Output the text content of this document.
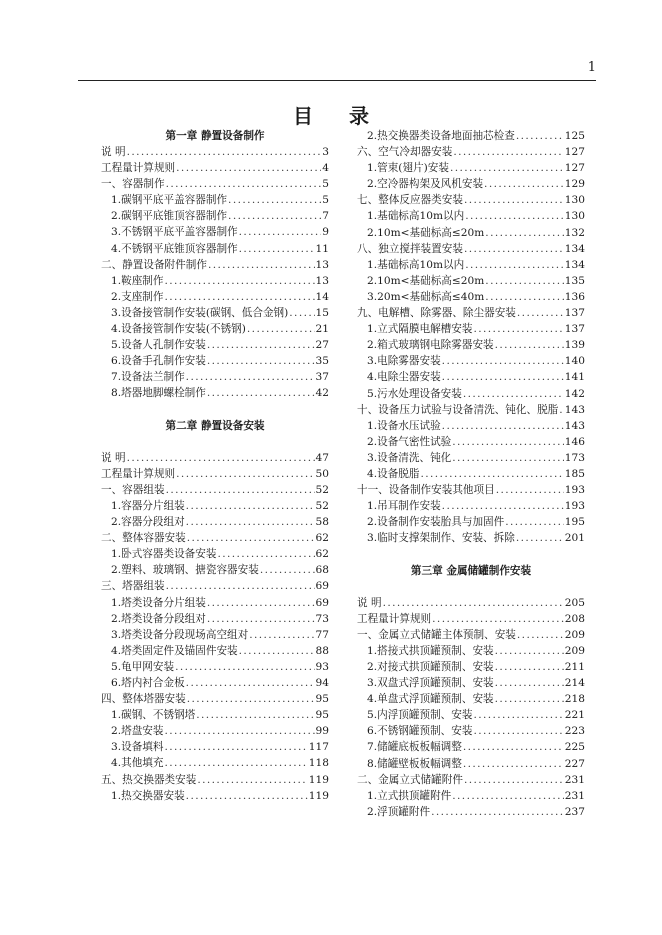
1
目 录
第一章 静置设备制作
说 明 .....	3
工程量计算规则 .....	4
一、容器制作 .....	5
1.碳钢平底平盖容器制作 .....	5
2.碳钢平底锥顶容器制作 .....	7
3.不锈钢平底平盖容器制作 .....	9
4.不锈钢平底锥顶容器制作 .....	11
二、静置设备附件制作 .....	13
1.鞍座制作 .....	13
2.支座制作 .....	14
3.设备接管制作安装(碳钢、低合金钢) .....	15
4.设备接管制作安装(不锈钢) .....	21
5.设备人孔制作安装 .....	27
6.设备手孔制作安装 .....	35
7.设备法兰制作 .....	37
8.塔器地脚螺栓制作 .....	42
第二章 静置设备安装
说 明 .....	47
工程量计算规则 .....	50
一、容器组装 .....	52
1.容器分片组装 .....	52
2.容器分段组对 .....	58
二、整体容器安装 .....	62
1.卧式容器类设备安装 .....	62
2.塑料、玻璃钢、搪瓷容器安装 .....	68
三、塔器组装 .....	69
1.塔类设备分片组装 .....	69
2.塔类设备分段组对 .....	73
3.塔类设备分段现场高空组对 .....	77
4.塔类固定件及锚固件安装 .....	88
5.龟甲网安装 .....	93
6.塔内衬合金板 .....	94
四、整体塔器安装 .....	95
1.碳钢、不锈钢塔 .....	95
2.塔盘安装 .....	99
3.设备填料 .....	117
4.其他填充 .....	118
五、热交换器类安装 .....	119
1.热交换器安装 .....	119
2.热交换器类设备地面抽芯检查 .....	125
六、空气冷却器安装 .....	127
1.管束(翅片)安装 .....	127
2.空冷器构架及风机安装 .....	129
七、整体反应器类安装 .....	130
1.基础标高10m以内 .....	130
2.10m<基础标高≤20m .....	132
八、独立搅拌装置安装 .....	134
1.基础标高10m以内 .....	134
2.10m<基础标高≤20m .....	135
3.20m<基础标高≤40m .....	136
九、电解槽、除雾器、除尘器安装 .....	137
1.立式隔膜电解槽安装 .....	137
2.箱式玻璃钢电除雾器安装 .....	139
3.电除雾器安装 .....	140
4.电除尘器安装 .....	141
5.污水处理设备安装 .....	142
十、设备压力试验与设备清洗、钝化、脱脂 ..... 143
1.设备水压试验 .....	143
2.设备气密性试验 .....	146
3.设备清洗、钝化 .....	173
4.设备脱脂 .....	185
十一、设备制作安装其他项目 .....	193
1.吊耳制作安装 .....	193
2.设备制作安装胎具与加固件 .....	195
3.临时支撑架制作、安装、拆除 .....	201
第三章 金属储罐制作安装
说 明 .....	205
工程量计算规则 .....	208
一、金属立式储罐主体预制、安装 .....	209
1.搭接式拱顶罐预制、安装 .....	209
2.对接式拱顶罐预制、安装 .....	211
3.双盘式浮顶罐预制、安装 .....	214
4.单盘式浮顶罐预制、安装 .....	218
5.内浮顶罐预制、安装 .....	221
6.不锈钢罐预制、安装 .....	223
7.储罐底板板幅调整 .....	225
8.储罐壁板板幅调整 .....	227
二、金属立式储罐附件 .....	231
1.立式拱顶罐附件 .....	231
2.浮顶罐附件 .....	237
